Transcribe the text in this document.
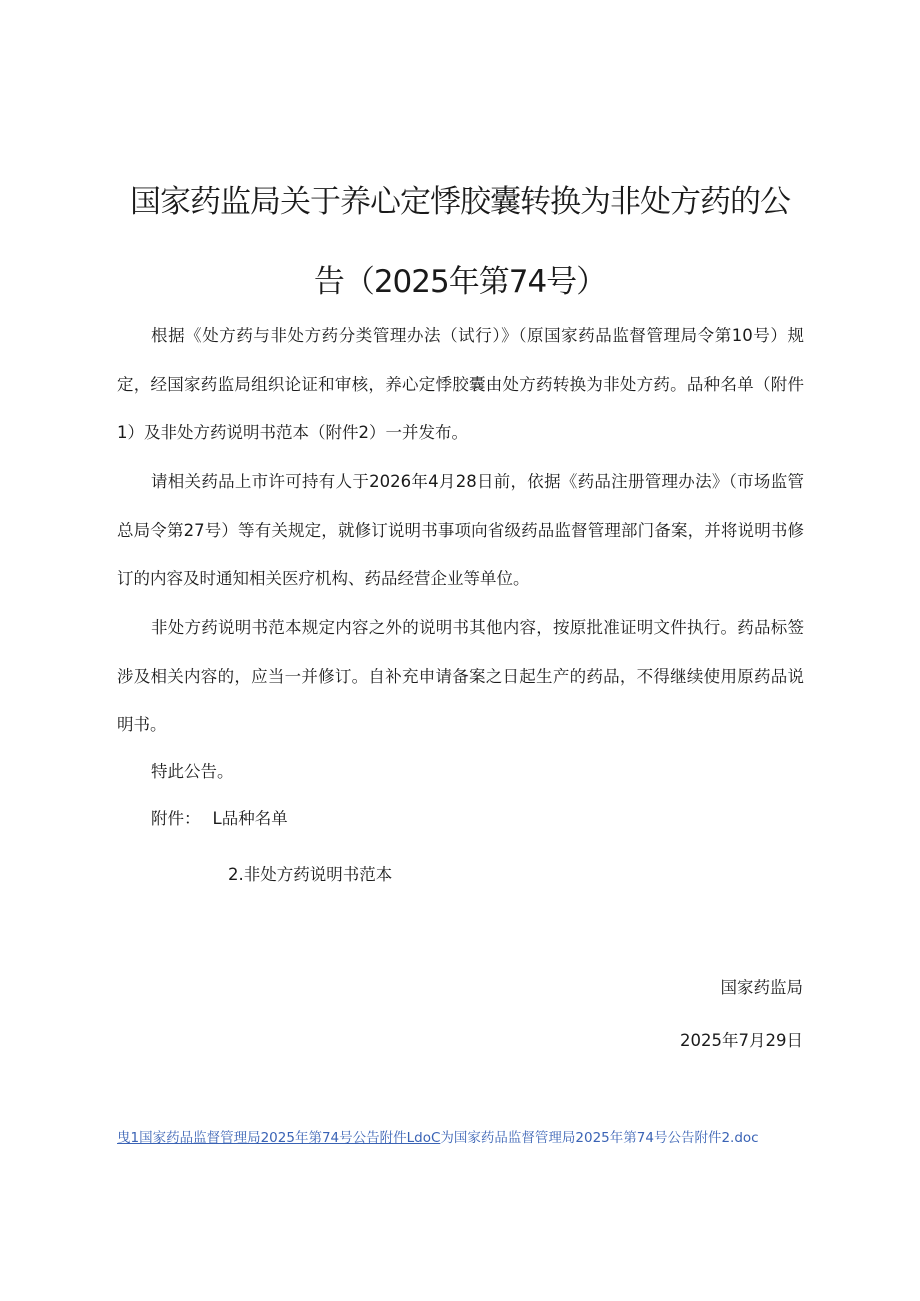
国家药监局关于养心定悸胶囊转换为非处方药的公
告（2025年第74号）

根据《处方药与非处方药分类管理办法（试行）》（原国家药品监督管理局令第10号）规定，经国家药监局组织论证和审核，养心定悸胶囊由处方药转换为非处方药。品种名单（附件1）及非处方药说明书范本（附件2）一并发布。

请相关药品上市许可持有人于2026年4月28日前，依据《药品注册管理办法》（市场监管总局令第27号）等有关规定，就修订说明书事项向省级药品监督管理部门备案，并将说明书修订的内容及时通知相关医疗机构、药品经营企业等单位。

非处方药说明书范本规定内容之外的说明书其他内容，按原批准证明文件执行。药品标签涉及相关内容的，应当一并修订。自补充申请备案之日起生产的药品，不得继续使用原药品说明书。

特此公告。

附件： L品种名单

2.非处方药说明书范本

国家药监局

2025年7月29日

曳1国家药品监督管理局2025年第74号公告附件LdoC为国家药品监督管理局2025年第74号公告附件2.doc
